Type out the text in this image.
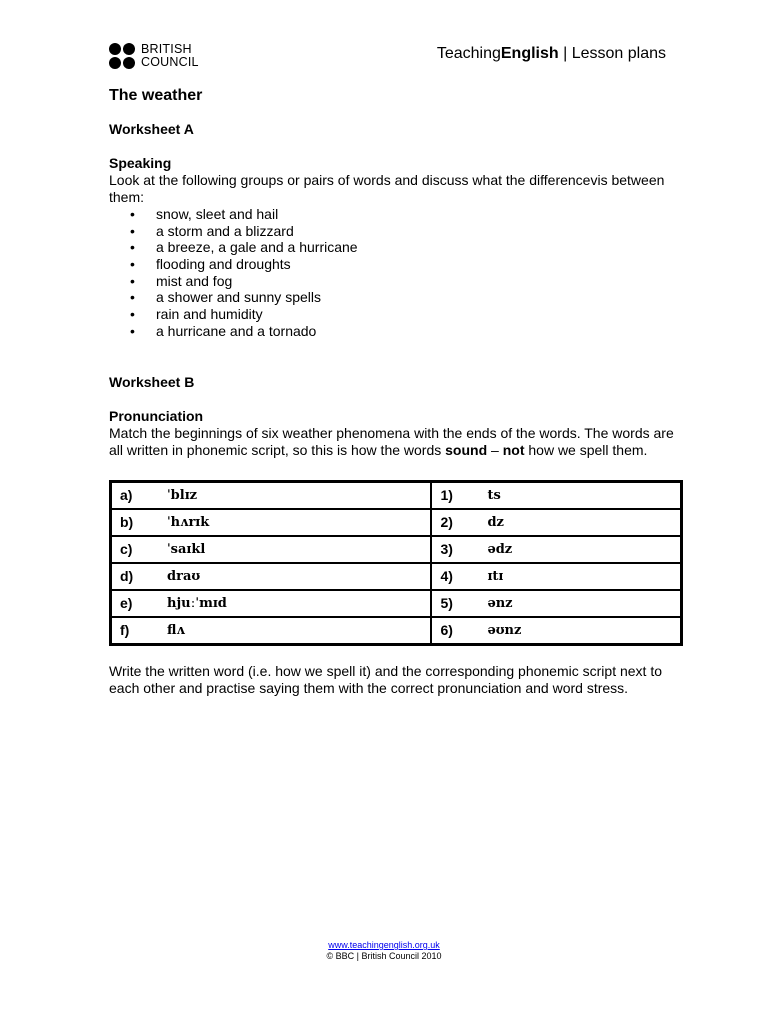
BRITISH
COUNCIL	TeachingEnglish | Lesson plans
The weather

Worksheet A

Speaking

Look at the following groups or pairs of words and discuss what the differencevis between them:

• snow, sleet and hail
• a storm and a blizzard
• a breeze, a gale and a hurricane
• flooding and droughts
• mist and fog
• a shower and sunny spells
• rain and humidity
• a hurricane and a tornado

Worksheet B

Pronunciation

Match the beginnings of six weather phenomena with the ends of the words. The words are all written in phonemic script, so this is how the words sound – not how we spell them.

a) ˈblɪz	1) ts

b) ˈhʌrɪk	2) dz

c) ˈsaɪkl	3) ədz

d) draʊ	4) ɪtɪ

e) hjuːˈmɪd	5) ənz

f) flʌ	6) əʊnz

Write the written word (i.e. how we spell it) and the corresponding phonemic script next to each other and practise saying them with the correct pronunciation and word stress.

www.teachingenglish.org.uk
© BBC | British Council 2010
